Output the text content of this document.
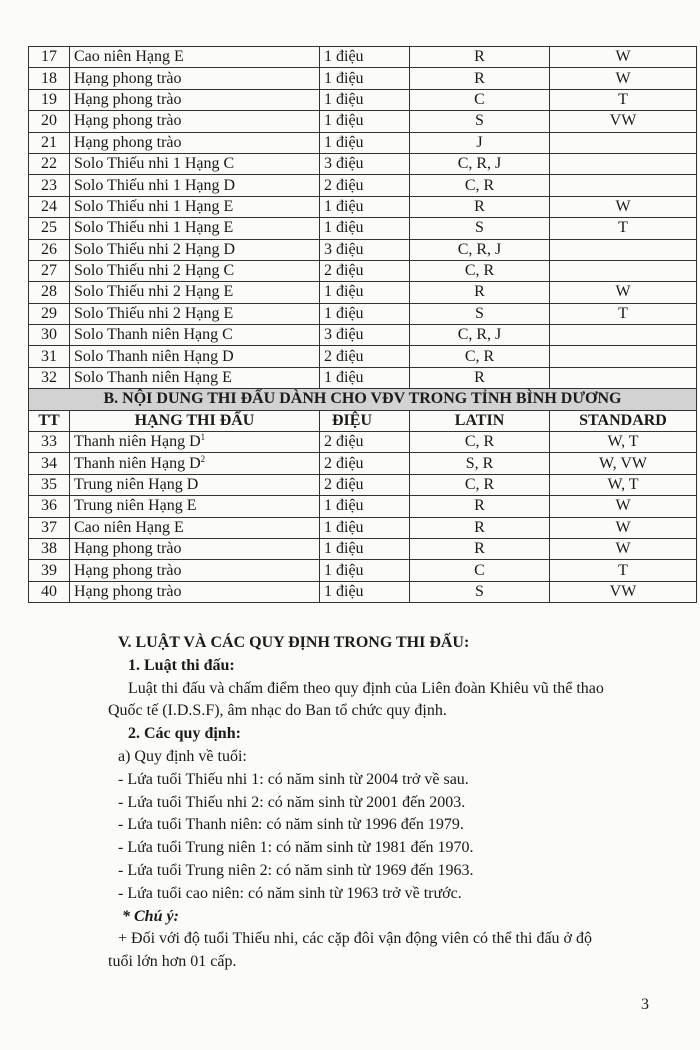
17	Cao niên Hạng E	1 điệu	R	W
18	Hạng phong trào	1 điệu	R	W
19	Hạng phong trào	1 điệu	C	T
20	Hạng phong trào	1 điệu	S	VW
21	Hạng phong trào	1 điệu	J	
22	Solo Thiếu nhi 1 Hạng C	3 điệu	C, R, J	
23	Solo Thiếu nhi 1 Hạng D	2 điệu	C, R	
24	Solo Thiếu nhi 1 Hạng E	1 điệu	R	W
25	Solo Thiếu nhi 1 Hạng E	1 điệu	S	T
26	Solo Thiếu nhi 2 Hạng D	3 điệu	C, R, J	
27	Solo Thiếu nhi 2 Hạng C	2 điệu	C, R	
28	Solo Thiếu nhi 2 Hạng E	1 điệu	R	W
29	Solo Thiếu nhi 2 Hạng E	1 điệu	S	T
30	Solo Thanh niên Hạng C	3 điệu	C, R, J	
31	Solo Thanh niên Hạng D	2 điệu	C, R	
32	Solo Thanh niên Hạng E	1 điệu	R	
B. NỘI DUNG THI ĐẤU DÀNH CHO VĐV TRONG TỈNH BÌNH DƯƠNG				
TT	HẠNG THI ĐẤU	ĐIỆU	LATIN	STANDARD
33	Thanh niên Hạng $D^1$	2 điệu	C, R	W, T
34	Thanh niên Hạng $D^2$	2 điệu	S, R	W, VW
35	Trung niên Hạng D	2 điệu	C, R	W, T
36	Trung niên Hạng E	1 điệu	R	W
37	Cao niên Hạng E	1 điệu	R	W
38	Hạng phong trào	1 điệu	R	W
39	Hạng phong trào	1 điệu	C	T
40	Hạng phong trào	1 điệu	S	VW
V. LUẬT VÀ CÁC QUY ĐỊNH TRONG THI ĐẤU:
1. Luật thi đấu:
Luật thi đấu và chấm điểm theo quy định của Liên đoàn Khiêu vũ thể thao
Quốc tế (I.D.S.F), âm nhạc do Ban tổ chức quy định.
2. Các quy định:
a) Quy định về tuổi:
- Lứa tuổi Thiếu nhi 1: có năm sinh từ 2004 trở về sau.
- Lứa tuổi Thiếu nhi 2: có năm sinh từ 2001 đến 2003.
- Lứa tuổi Thanh niên: có năm sinh từ 1996 đến 1979.
- Lứa tuổi Trung niên 1: có năm sinh từ 1981 đến 1970.
- Lứa tuổi Trung niên 2: có năm sinh từ 1969 đến 1963.
- Lứa tuổi cao niên: có năm sinh từ 1963 trở về trước.
* Chú ý:
+ Đối với độ tuổi Thiếu nhi, các cặp đôi vận động viên có thể thi đấu ở độ
tuổi lớn hơn 01 cấp.
3
